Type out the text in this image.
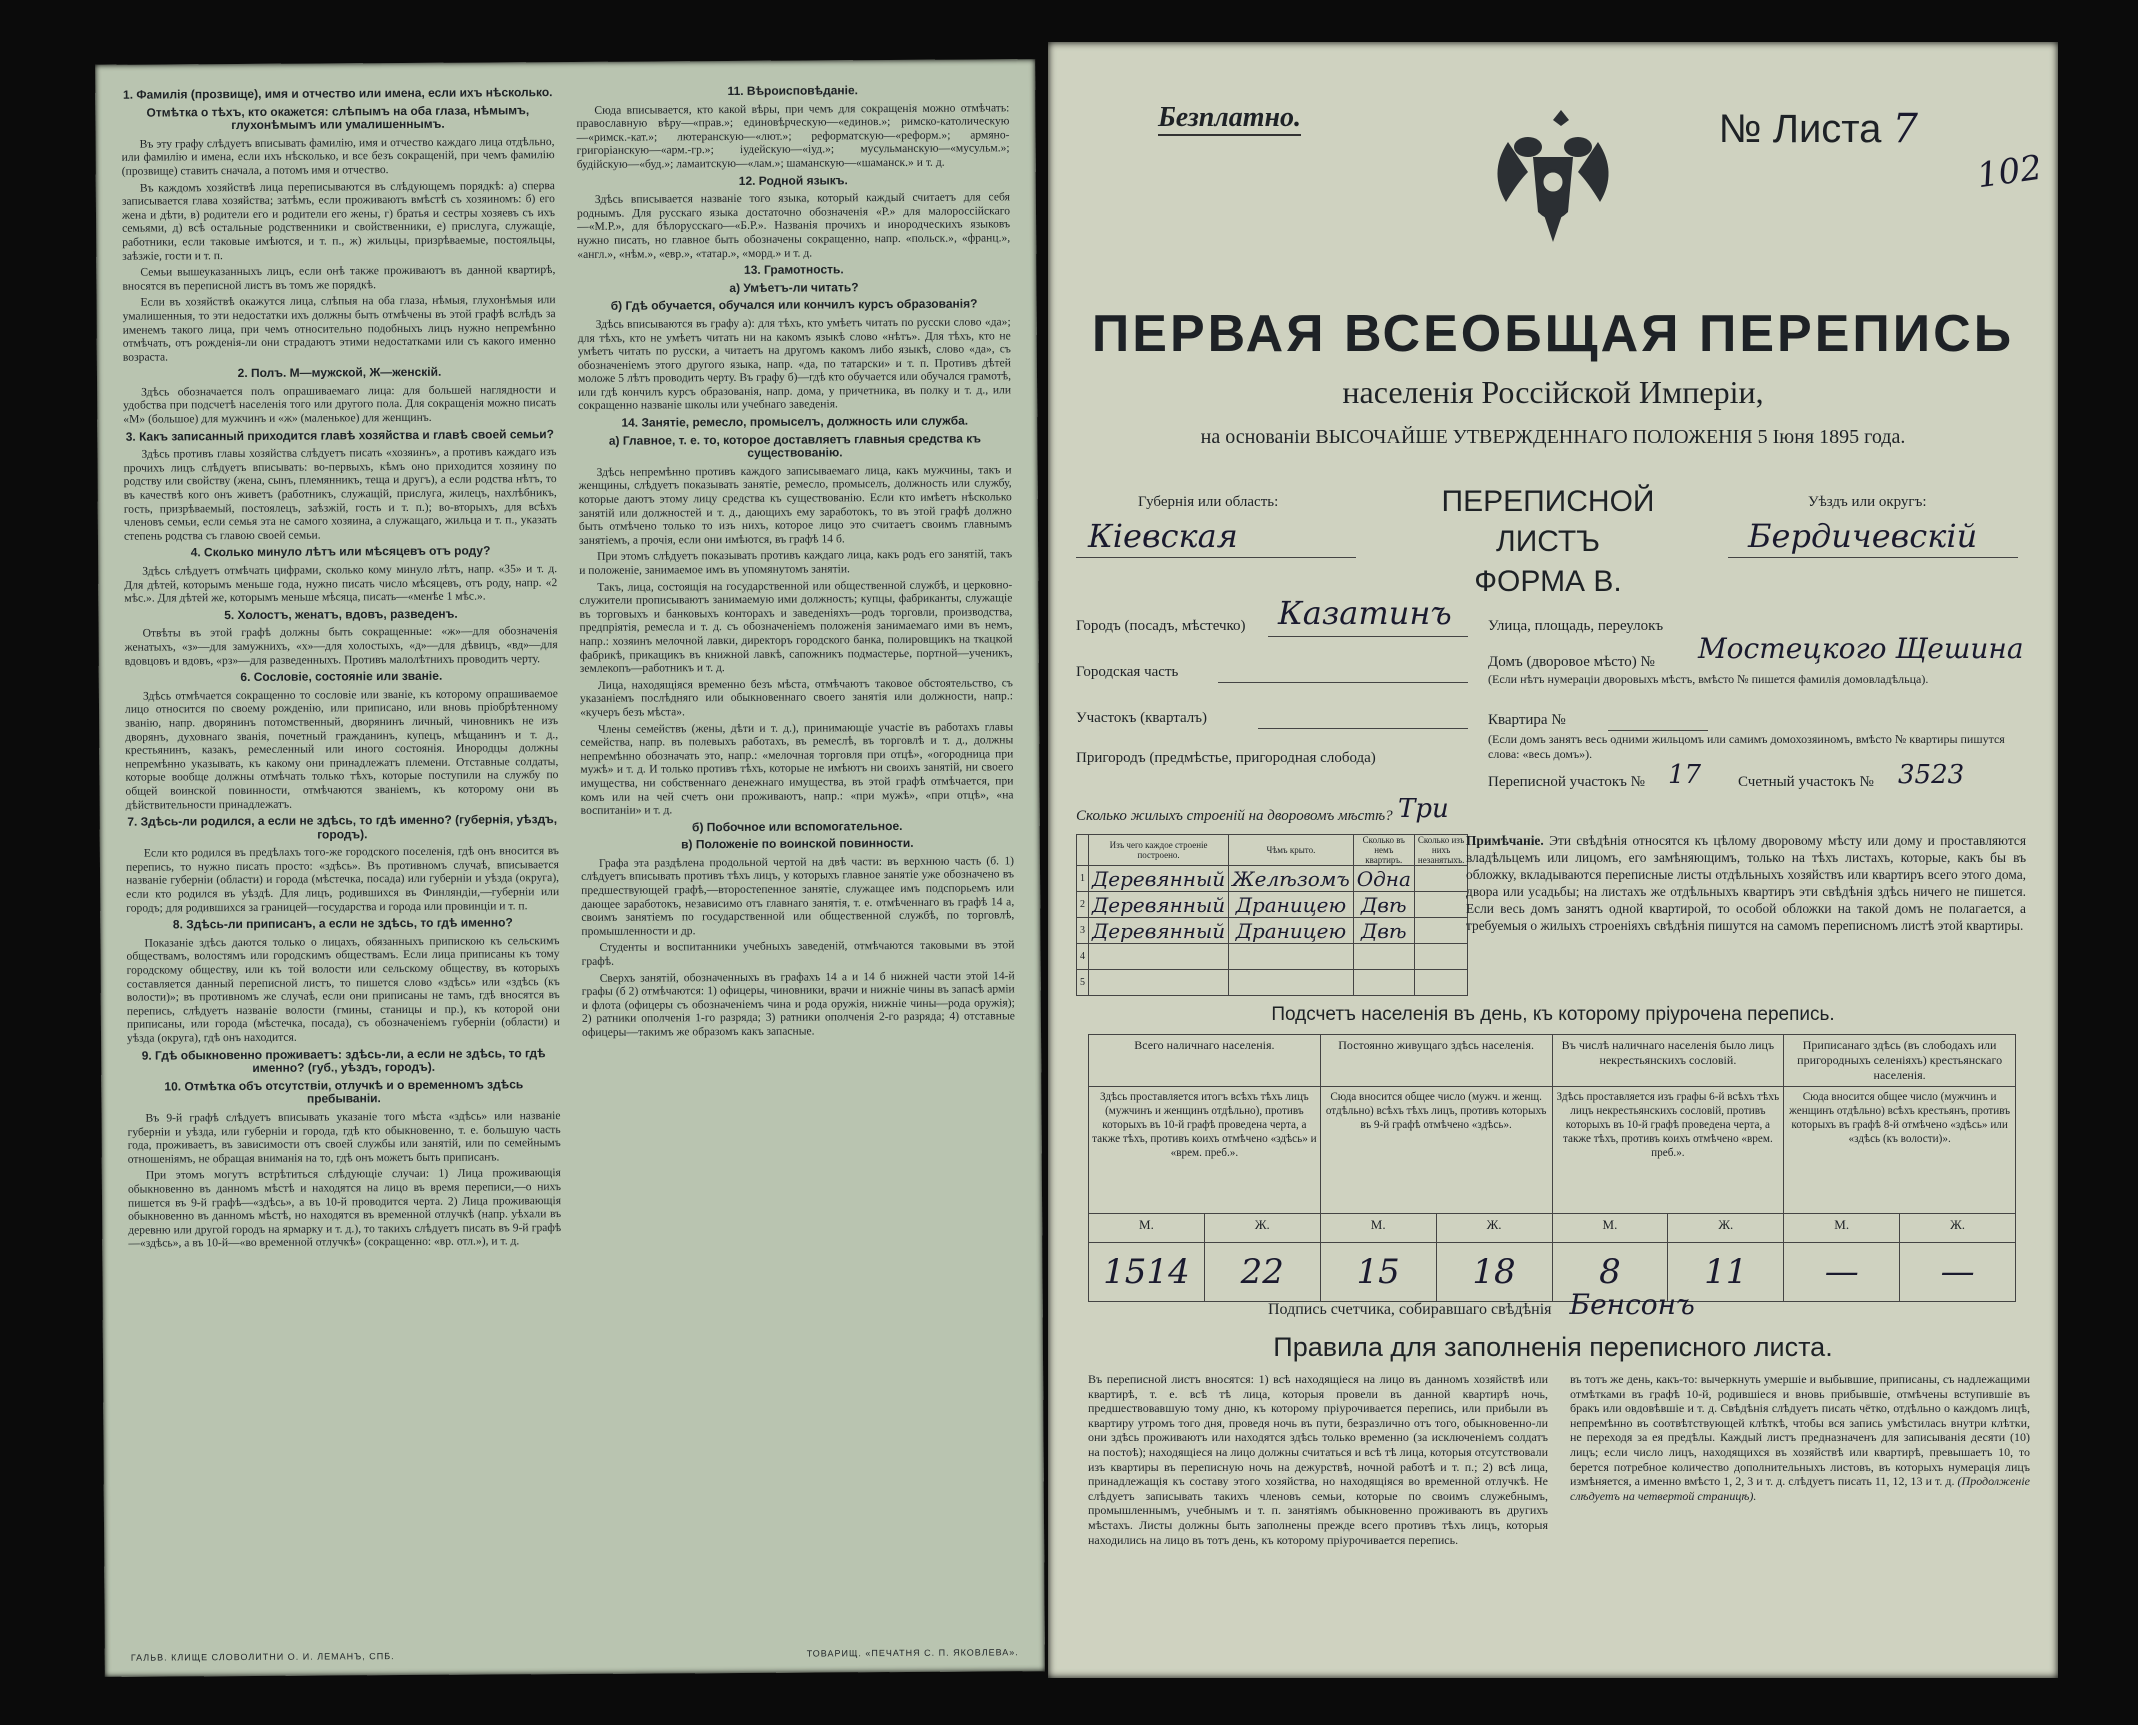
1. Фамилія (прозвище), имя и отчество или имена, если ихъ нѣсколько.
Отмѣтка о тѣхъ, кто окажется: слѣпымъ на оба глаза, нѣмымъ, глухонѣмымъ или умалишеннымъ.

Въ эту графу слѣдуетъ вписывать фамилію, имя и отчество каждаго лица отдѣльно, или фамилію и имена, если ихъ нѣсколько, и все безъ сокращеній, при чемъ фамилію (прозвище) ставить сначала, а потомъ имя и отчество.

Въ каждомъ хозяйствѣ лица переписываются въ слѣдующемъ порядкѣ: а) сперва записывается глава хозяйства; затѣмъ, если проживаютъ вмѣстѣ съ хозяиномъ: б) его жена и дѣти, в) родители его и родители его жены, г) братья и сестры хозяевъ съ ихъ семьями, д) всѣ остальные родственники и свойственники, е) прислуга, служащіе, работники, если таковые имѣются, и т. п., ж) жильцы, призрѣваемые, постояльцы, заѣзжіе, гости и т. п.

Семьи вышеуказанныхъ лицъ, если онѣ также проживаютъ въ данной квартирѣ, вносятся въ переписной листъ въ томъ же порядкѣ.

Если въ хозяйствѣ окажутся лица, слѣпыя на оба глаза, нѣмыя, глухонѣмыя или умалишенныя, то эти недостатки ихъ должны быть отмѣчены въ этой графѣ вслѣдъ за именемъ такого лица, при чемъ относительно подобныхъ лицъ нужно непремѣнно отмѣчать, отъ рожденія-ли они страдаютъ этими недостатками или съ какого именно возраста.

2. Полъ. М—мужской, Ж—женскій.

Здѣсь обозначается полъ опрашиваемаго лица: для большей наглядности и удобства при подсчетѣ населенія того или другого пола. Для сокращенія можно писать «М» (большое) для мужчинъ и «ж» (маленькое) для женщинъ.

3. Какъ записанный приходится главѣ хозяйства и главѣ своей семьи?

Здѣсь противъ главы хозяйства слѣдуетъ писать «хозяинъ», а противъ каждаго изъ прочихъ лицъ слѣдуетъ вписывать: во-первыхъ, кѣмъ оно приходится хозяину по родству или свойству (жена, сынъ, племянникъ, теща и другъ), а если родства нѣтъ, то въ качествѣ кого онъ живетъ (работникъ, служащій, прислуга, жилецъ, нахлѣбникъ, гость, призрѣваемый, постоялецъ, заѣзжій, гость и т. п.); во-вторыхъ, для всѣхъ членовъ семьи, если семья эта не самого хозяина, а служащаго, жильца и т. п., указать степень родства съ главою своей семьи.

4. Сколько минуло лѣтъ или мѣсяцевъ отъ роду?

Здѣсь слѣдуетъ отмѣчать цифрами, сколько кому минуло лѣтъ, напр. «35» и т. д. Для дѣтей, которымъ меньше года, нужно писать число мѣсяцевъ, отъ роду, напр. «2 мѣс.». Для дѣтей же, которымъ меньше мѣсяца, писать—«менѣе 1 мѣс.».

5. Холостъ, женатъ, вдовъ, разведенъ.

Отвѣты въ этой графѣ должны быть сокращенные: «ж»—для обозначенія женатыхъ, «з»—для замужнихъ, «х»—для холостыхъ, «д»—для дѣвицъ, «вд»—для вдовцовъ и вдовъ, «рз»—для разведенныхъ. Противъ малолѣтнихъ проводить черту.

6. Сословіе, состояніе или званіе.

Здѣсь отмѣчается сокращенно то сословіе или званіе, къ которому опрашиваемое лицо относится по своему рожденію, или приписано, или вновь пріобрѣтенному званію, напр. дворянинъ потомственный, дворянинъ личный, чиновникъ не изъ дворянъ, духовнаго званія, почетный гражданинъ, купецъ, мѣщанинъ и т. д., крестьянинъ, казакъ, ремесленный или иного состоянія. Инородцы должны непремѣнно указывать, къ какому они принадлежатъ племени. Отставные солдаты, которые вообще должны отмѣчать только тѣхъ, которые поступили на службу по общей воинской повинности, отмѣчаются званіемъ, къ которому они въ дѣйствительности принадлежатъ.

7. Здѣсь-ли родился, а если не здѣсь, то гдѣ именно? (губернія, уѣздъ, городъ).

Если кто родился въ предѣлахъ того-же городского поселенія, гдѣ онъ вносится въ перепись, то нужно писать просто: «здѣсь». Въ противномъ случаѣ, вписывается названіе губерніи (области) и города (мѣстечка, посада) или губерніи и уѣзда (округа), если кто родился въ уѣздѣ. Для лицъ, родившихся въ Финляндіи,—губерніи или городъ; для родившихся за границей—государства и города или провинціи и т. п.

8. Здѣсь-ли приписанъ, а если не здѣсь, то гдѣ именно?

Показаніе здѣсь даются только о лицахъ, обязанныхъ припискою къ сельскимъ обществамъ, волостямъ или городскимъ обществамъ. Если лица приписаны къ тому городскому обществу, или къ той волости или сельскому обществу, въ которыхъ составляется данный переписной листъ, то пишется слово «здѣсь» или «здѣсь (къ волости)»; въ противномъ же случаѣ, если они приписаны не тамъ, гдѣ вносятся въ перепись, слѣдуетъ названіе волости (гмины, станицы и пр.), къ которой они приписаны, или города (мѣстечка, посада), съ обозначеніемъ губерніи (области) и уѣзда (округа), гдѣ онъ находится.

9. Гдѣ обыкновенно проживаетъ: здѣсь-ли, а если не здѣсь, то гдѣ именно? (губ., уѣздъ, городъ).
10. Отмѣтка объ отсутствіи, отлучкѣ и о временномъ здѣсь пребываніи.

Въ 9-й графѣ слѣдуетъ вписывать указаніе того мѣста «здѣсь» или названіе губерніи и уѣзда, или губерніи и города, гдѣ кто обыкновенно, т. е. большую часть года, проживаетъ, въ зависимости отъ своей службы или занятій, или по семейнымъ отношеніямъ, не обращая вниманія на то, гдѣ онъ можетъ быть приписанъ.

При этомъ могутъ встрѣтиться слѣдующіе случаи: 1) Лица проживающія обыкновенно въ данномъ мѣстѣ и находятся на лицо въ время переписи,—о нихъ пишется въ 9-й графѣ—«здѣсь», а въ 10-й проводится черта. 2) Лица проживающія обыкновенно въ данномъ мѣстѣ, но находятся въ временной отлучкѣ (напр. уѣхали въ деревню или другой городъ на ярмарку и т. д.), то такихъ слѣдуетъ писать въ 9-й графѣ—«здѣсь», а въ 10-й—«во временной отлучкѣ» (сокращенно: «вр. отл.»), и т. д.

11. Вѣроисповѣданіе.

Сюда вписывается, кто какой вѣры, при чемъ для сокращенія можно отмѣчать: православную вѣру—«прав.»; единовѣрческую—«единов.»; римско-католическую—«римск.-кат.»; лютеранскую—«лют.»; реформатскую—«реформ.»; армяно-григоріанскую—«арм.-гр.»; іудейскую—«іуд.»; мусульманскую—«мусульм.»; будійскую—«буд.»; ламаитскую—«лам.»; шаманскую—«шаманск.» и т. д.

12. Родной языкъ.

Здѣсь вписывается названіе того языка, который каждый считаетъ для себя роднымъ. Для русскаго языка достаточно обозначенія «Р.» для малороссійскаго—«М.Р.», для бѣлорусскаго—«Б.Р.». Названія прочихъ и инородческихъ языковъ нужно писать, но главное быть обозначены сокращенно, напр. «польск.», «франц.», «англ.», «нѣм.», «евр.», «татар.», «морд.» и т. д.

13. Грамотность.
а) Умѣетъ-ли читать?
б) Гдѣ обучается, обучался или кончилъ курсъ образованія?

Здѣсь вписываются въ графу а): для тѣхъ, кто умѣетъ читать по русски слово «да»; для тѣхъ, кто не умѣетъ читать ни на какомъ языкѣ слово «нѣтъ». Для тѣхъ, кто не умѣетъ читать по русски, а читаетъ на другомъ какомъ либо языкѣ, слово «да», съ обозначеніемъ этого другого языка, напр. «да, по татарски» и т. п. Противъ дѣтей моложе 5 лѣтъ проводить черту. Въ графу б)—гдѣ кто обучается или обучался грамотѣ, или гдѣ кончилъ курсъ образованія, напр. дома, у причетника, въ полку и т. д., или сокращенно названіе школы или учебнаго заведенія.

14. Занятіе, ремесло, промыселъ, должность или служба.
а) Главное, т. е. то, которое доставляетъ главныя средства къ существованію.

Здѣсь непремѣнно противъ каждого записываемаго лица, какъ мужчины, такъ и женщины, слѣдуетъ показывать занятіе, ремесло, промыселъ, должность или службу, которые даютъ этому лицу средства къ существованію. Если кто имѣетъ нѣсколько занятій или должностей и т. д., дающихъ ему заработокъ, то въ этой графѣ должно быть отмѣчено только то изъ нихъ, которое лицо это считаетъ своимъ главнымъ занятіемъ, а прочія, если они имѣются, въ графѣ 14 б.

При этомъ слѣдуетъ показывать противъ каждаго лица, какъ родъ его занятій, такъ и положеніе, занимаемое имъ въ упомянутомъ занятіи.

Такъ, лица, состоящія на государственной или общественной службѣ, и церковно-служители прописываютъ занимаемую ими должность; купцы, фабриканты, служащіе въ торговыхъ и банковыхъ конторахъ и заведеніяхъ—родъ торговли, производства, предпріятія, ремесла и т. д. съ обозначеніемъ положенія занимаемаго ими въ немъ, напр.: хозяинъ мелочной лавки, директоръ городского банка, полировщикъ на ткацкой фабрикѣ, прикащикъ въ книжной лавкѣ, сапожникъ подмастерье, портной—ученикъ, землекопъ—работникъ и т. д.

Лица, находящіяся временно безъ мѣста, отмѣчаютъ таковое обстоятельство, съ указаніемъ послѣдняго или обыкновеннаго своего занятія или должности, напр.: «кучеръ безъ мѣста».

Члены семействъ (жены, дѣти и т. д.), принимающіе участіе въ работахъ главы семейства, напр. въ полевыхъ работахъ, въ ремеслѣ, въ торговлѣ и т. д., должны непремѣнно обозначать это, напр.: «мелочная торговля при отцѣ», «огородница при мужѣ» и т. д. И только противъ тѣхъ, которые не имѣютъ ни своихъ занятій, ни своего имущества, ни собственнаго денежнаго имущества, въ этой графѣ отмѣчается, при комъ или на чей счетъ они проживаютъ, напр.: «при мужѣ», «при отцѣ», «на воспитаніи» и т. д.

б) Побочное или вспомогательное.
в) Положеніе по воинской повинности.

Графа эта раздѣлена продольной чертой на двѣ части: въ верхнюю часть (б. 1) слѣдуетъ вписывать противъ тѣхъ лицъ, у которыхъ главное занятіе уже обозначено въ предшествующей графѣ,—второстепенное занятіе, служащее имъ подспорьемъ или дающее заработокъ, независимо отъ главнаго занятія, т. е. отмѣченнаго въ графѣ 14 а, своимъ занятіемъ по государственной или общественной службѣ, по торговлѣ, промышленности и др.

Студенты и воспитанники учебныхъ заведеній, отмѣчаются таковыми въ этой графѣ.

Сверхъ занятій, обозначенныхъ въ графахъ 14 а и 14 б нижней части этой 14-й графы (б 2) отмѣчаются: 1) офицеры, чиновники, врачи и нижніе чины въ запасѣ арміи и флота (офицеры съ обозначеніемъ чина и рода оружія, нижніе чины—рода оружія); 2) ратники ополченія 1-го разряда; 3) ратники ополченія 2-го разряда; 4) отставные офицеры—такимъ же образомъ какъ запасные.

ГАЛЬВ. КЛИЩЕ СЛОВОЛИТНИ О. И. ЛЕМАНЪ, СПБ.	ТОВАРИЩ. «ПЕЧАТНЯ С. П. ЯКОВЛЕВА».
Безплатно.	№ Листа 7
102
ПЕРВАЯ ВСЕОБЩАЯ ПЕРЕПИСЬ
населенія Россійской Имперіи,
на основаніи ВЫСОЧАЙШЕ УТВЕРЖДЕННАГО ПОЛОЖЕНІЯ 5 Іюня 1895 года.
ПЕРЕПИСНОЙ ЛИСТЪ
ФОРМА В.
Губернія или область:
Кіевская
Уѣздъ или округъ:
Бердичевскій
Городъ (посадъ, мѣстечко) Казатинъ Улица, площадь, переулокъ
Городская часть
Домъ (дворовое мѣсто) № Мостецкого Щешина
(Если нѣтъ нумераціи дворовыхъ мѣстъ, вмѣсто № пишется фамилія домовладѣльца).
Участокъ (кварталъ)	Квартира №
Пригородъ (предмѣстье, пригородная слобода)
(Если домъ занятъ весь одними жильцомъ или самимъ домохозяиномъ, вмѣсто № квартиры пишутся слова: «весь домъ»).
Переписной участокъ № 17 Счетный участокъ № 3523
Сколько жилыхъ строеній на дворовомъ мѣстѣ? Три
	Изъ чего каждое строеніе построено.	Чѣмъ крыто.	Сколько въ немъ квартиръ.	Сколько изъ нихъ незанятыхъ.
1	Деревянный	Желѣзомъ	Одна	
2	Деревянный	Драницею	Двѣ	
3	Деревянный	Драницею	Двѣ	
4				
5				
Примѣчаніе. Эти свѣдѣнія относятся къ цѣлому дворовому мѣсту или дому и проставляются владѣльцемъ или лицомъ, его замѣняющимъ, только на тѣхъ листахъ, которые, какъ бы въ обложку, вкладываются переписные листы отдѣльныхъ хозяйствъ или квартиръ всего этого дома, двора или усадьбы; на листахъ же отдѣльныхъ квартиръ эти свѣдѣнія здѣсь ничего не пишется. Если весь домъ занятъ одной квартирой, то особой обложки на такой домъ не полагается, а требуемыя о жилыхъ строеніяхъ свѣдѣнія пишутся на самомъ переписномъ листѣ этой квартиры.
Подсчетъ населенія въ день, къ которому пріурочена перепись.
Всего наличнаго населенія.		Постоянно живущаго здѣсь населенія.		Въ числѣ наличнаго населенія было лицъ некрестьянскихъ сословій.		Приписанаго здѣсь (въ слободахъ или пригородныхъ селеніяхъ) крестьянскаго населенія.	
Здѣсь проставляется итогъ всѣхъ тѣхъ лицъ (мужчинъ и женщинъ отдѣльно), противъ которыхъ въ 10-й графѣ проведена черта, а также тѣхъ, противъ коихъ отмѣчено «здѣсь» и «врем. преб.».		Сюда вносится общее число (мужч. и женщ. отдѣльно) всѣхъ тѣхъ лицъ, противъ которыхъ въ 9-й графѣ отмѣчено «здѣсь».		Здѣсь проставляется изъ графы 6-й всѣхъ тѣхъ лицъ некрестьянскихъ сословій, противъ которыхъ въ 10-й графѣ проведена черта, а также тѣхъ, противъ коихъ отмѣчено «врем. преб.».		Сюда вносится общее число (мужчинъ и женщинъ отдѣльно) всѣхъ крестьянъ, противъ которыхъ въ графѣ 8-й отмѣчено «здѣсь» или «здѣсь (къ волости)».	
М.	Ж.	М.	Ж.	М.	Ж.	М.	Ж.
1514	22	15	18	8	11	—	—
Подпись счетчика, собиравшаго свѣдѣнія Бенсонъ
Правила для заполненія переписного листа.
Въ переписной листъ вносятся: 1) всѣ находящіеся на лицо въ данномъ хозяйствѣ или квартирѣ, т. е. всѣ тѣ лица, которыя провели въ данной квартирѣ ночь, предшествовавшую тому дню, къ которому пріурочивается перепись, или прибыли въ квартиру утромъ того дня, проведя ночь въ пути, безразлично отъ того, обыкновенно-ли они здѣсь проживаютъ или находятся здѣсь только временно (за исключеніемъ солдатъ на постоѣ); находящіеся на лицо должны считаться и всѣ тѣ лица, которыя отсутствовали изъ квартиры въ переписную ночь на дежурствѣ, ночной работѣ и т. п.; 2) всѣ лица, принадлежащія къ составу этого хозяйства, но находящіяся во временной отлучкѣ. Не слѣдуетъ записывать такихъ членовъ семьи, которые по своимъ служебнымъ, промышленнымъ, учебнымъ и т. п. занятіямъ обыкновенно проживаютъ въ другихъ мѣстахъ. Листы должны быть заполнены прежде всего противъ тѣхъ лицъ, которыя находились на лицо въ тотъ день, къ которому пріурочивается перепись.
въ тотъ же день, какъ-то: вычеркнуть умершіе и выбывшие, приписаны, съ надлежащими отмѣтками въ графѣ 10-й, родившіеся и вновь прибывшіе, отмѣчены вступившіе въ бракъ или овдовѣвшіе и т. д. Свѣдѣнія слѣдуетъ писать чётко, отдѣльно о каждомъ лицѣ, непремѣнно въ соотвѣтствующей клѣткѣ, чтобы вся запись умѣстилась внутри клѣтки, не переходя за ея предѣлы. Каждый листъ предназначенъ для записыванія десяти (10) лицъ; если число лицъ, находящихся въ хозяйствѣ или квартирѣ, превышаетъ 10, то берется потребное количество дополнительныхъ листовъ, въ которыхъ нумерація лицъ измѣняется, а именно вмѣсто 1, 2, 3 и т. д. слѣдуетъ писать 11, 12, 13 и т. д. (Продолженіе слѣдуетъ на четвертой страницѣ).
